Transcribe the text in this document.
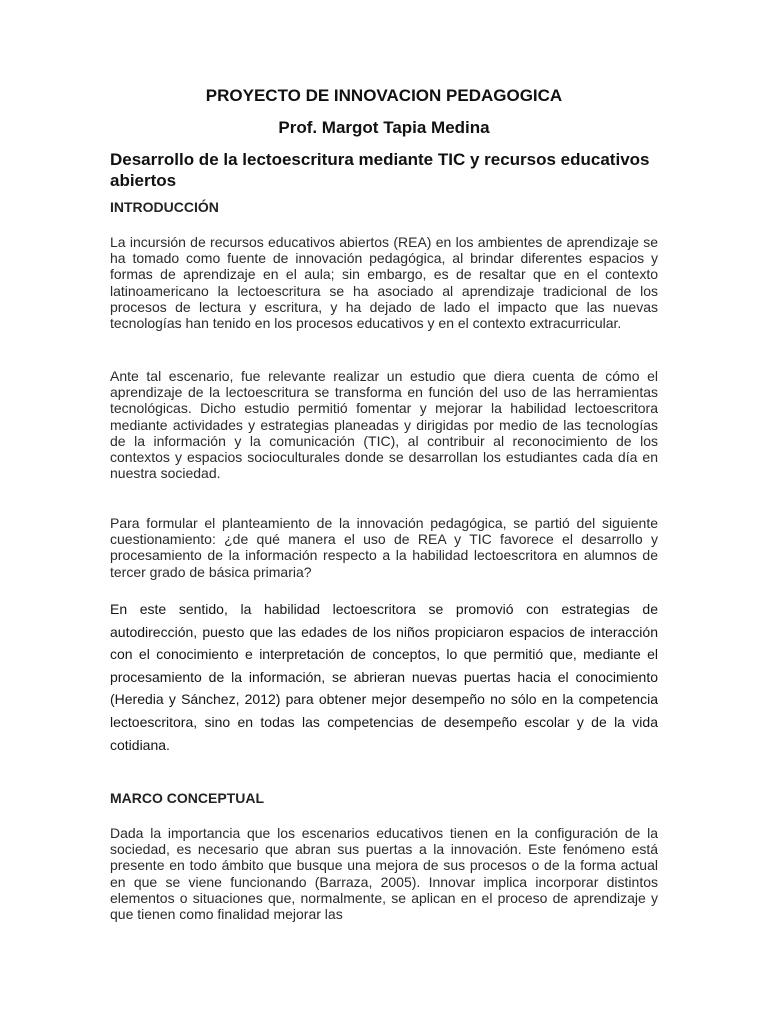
PROYECTO DE INNOVACION PEDAGOGICA
Prof. Margot Tapia Medina
Desarrollo de la lectoescritura mediante TIC y recursos educativos abiertos
INTRODUCCIÓN

La incursión de recursos educativos abiertos (REA) en los ambientes de aprendizaje se ha tomado como fuente de innovación pedagógica, al brindar diferentes espacios y formas de aprendizaje en el aula; sin embargo, es de resaltar que en el contexto latinoamericano la lectoescritura se ha asociado al aprendizaje tradicional de los procesos de lectura y escritura, y ha dejado de lado el impacto que las nuevas tecnologías han tenido en los procesos educativos y en el contexto extracurricular.

Ante tal escenario, fue relevante realizar un estudio que diera cuenta de cómo el aprendizaje de la lectoescritura se transforma en función del uso de las herramientas tecnológicas. Dicho estudio permitió fomentar y mejorar la habilidad lectoescritora mediante actividades y estrategias planeadas y dirigidas por medio de las tecnologías de la información y la comunicación (TIC), al contribuir al reconocimiento de los contextos y espacios socioculturales donde se desarrollan los estudiantes cada día en nuestra sociedad.

Para formular el planteamiento de la innovación pedagógica, se partió del siguiente cuestionamiento: ¿de qué manera el uso de REA y TIC favorece el desarrollo y procesamiento de la información respecto a la habilidad lectoescritora en alumnos de tercer grado de básica primaria?

En este sentido, la habilidad lectoescritora se promovió con estrategias de autodirección, puesto que las edades de los niños propiciaron espacios de interacción con el conocimiento e interpretación de conceptos, lo que permitió que, mediante el procesamiento de la información, se abrieran nuevas puertas hacia el conocimiento (Heredia y Sánchez, 2012) para obtener mejor desempeño no sólo en la competencia lectoescritora, sino en todas las competencias de desempeño escolar y de la vida cotidiana.

MARCO CONCEPTUAL

Dada la importancia que los escenarios educativos tienen en la configuración de la sociedad, es necesario que abran sus puertas a la innovación. Este fenómeno está presente en todo ámbito que busque una mejora de sus procesos o de la forma actual en que se viene funcionando (Barraza, 2005). Innovar implica incorporar distintos elementos o situaciones que, normalmente, se aplican en el proceso de aprendizaje y que tienen como finalidad mejorar las
